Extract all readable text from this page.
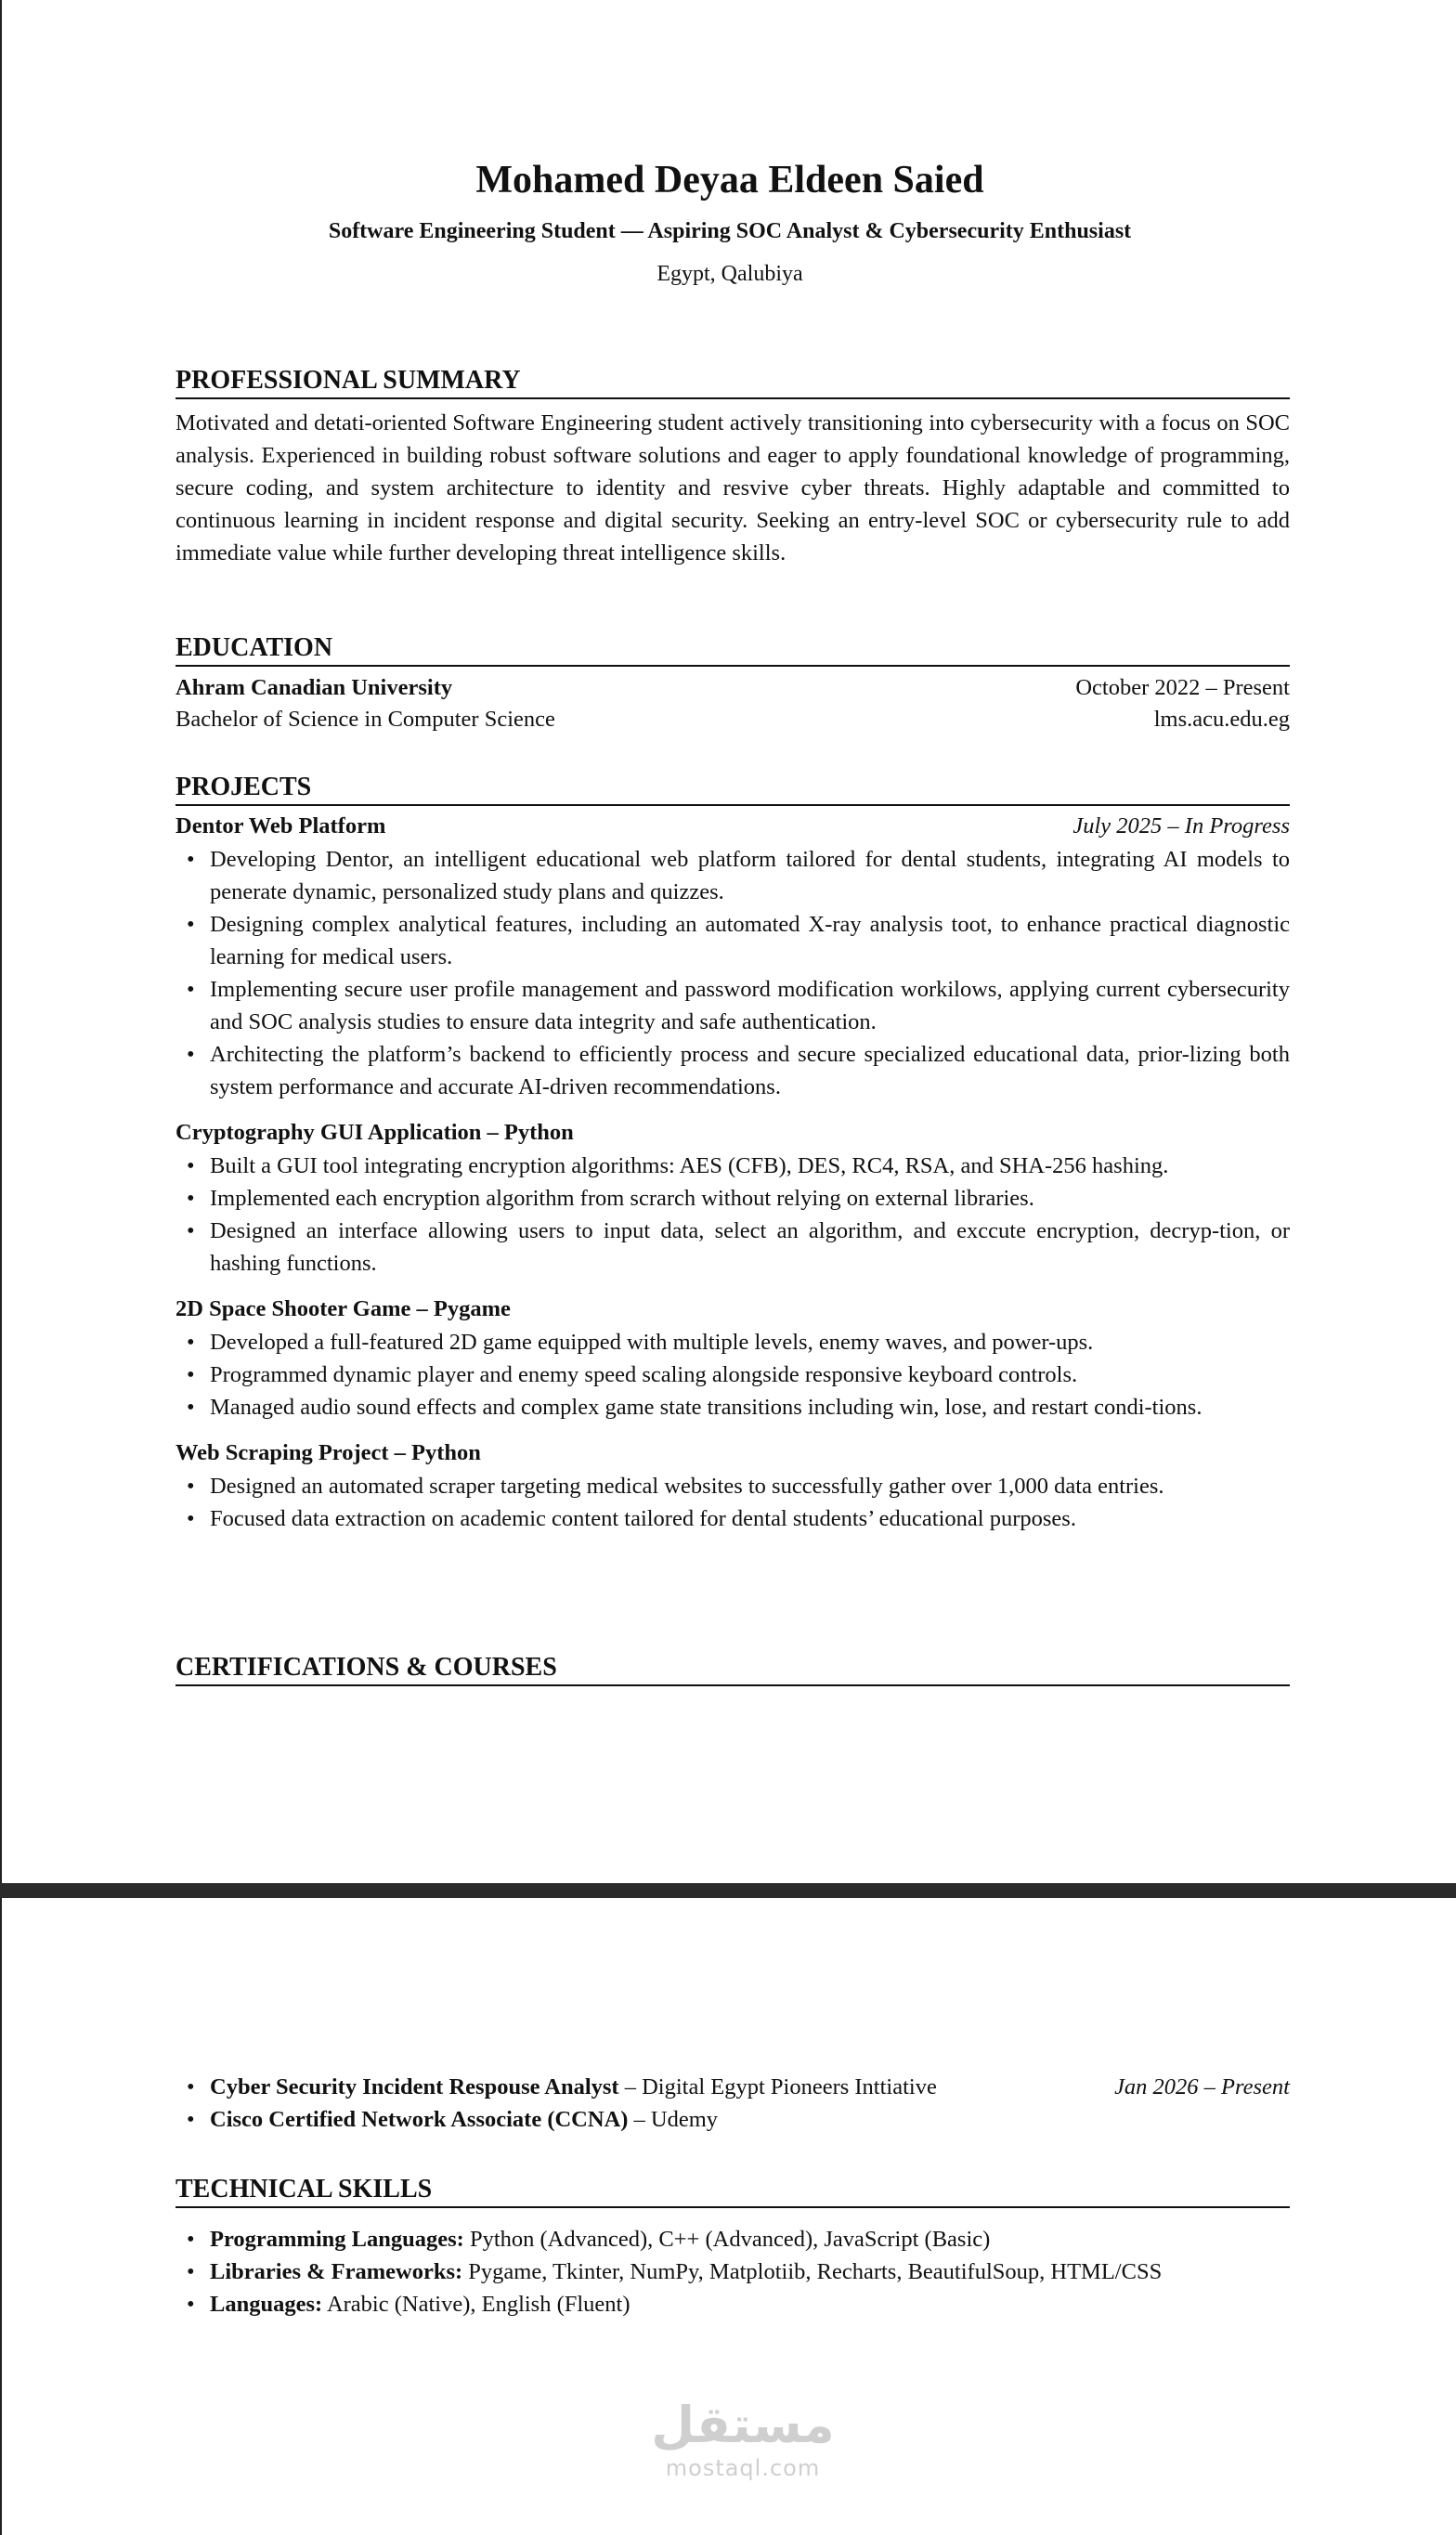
Mohamed Deyaa Eldeen Saied
Software Engineering Student — Aspiring SOC Analyst & Cybersecurity Enthusiast
Egypt, Qalubiya
PROFESSIONAL SUMMARY
Motivated and detati-oriented Software Engineering student actively transitioning into cybersecurity with a focus on SOC analysis. Experienced in building robust software solutions and eager to apply foundational knowledge of programming, secure coding, and system architecture to identity and resvive cyber threats. Highly adaptable and committed to continuous learning in incident response and digital security. Seeking an entry-level SOC or cybersecurity rule to add immediate value while further developing threat intelligence skills.
EDUCATION
Ahram Canadian University	October 2022 – Present
Bachelor of Science in Computer Science	lms.acu.edu.eg
PROJECTS
Dentor Web Platform	July 2025 – In Progress
• Developing Dentor, an intelligent educational web platform tailored for dental students, integrating AI models to penerate dynamic, personalized study plans and quizzes.
• Designing complex analytical features, including an automated X-ray analysis toot, to enhance practical diagnostic learning for medical users.
• Implementing secure user profile management and password modification workilows, applying current cybersecurity and SOC analysis studies to ensure data integrity and safe authentication.
• Architecting the platform’s backend to efficiently process and secure specialized educational data, prior-lizing both system performance and accurate AI-driven recommendations.
Cryptography GUI Application – Python
• Built a GUI tool integrating encryption algorithms: AES (CFB), DES, RC4, RSA, and SHA-256 hashing.
• Implemented each encryption algorithm from scrarch without relying on external libraries.
• Designed an interface allowing users to input data, select an algorithm, and exccute encryption, decryp-tion, or hashing functions.
2D Space Shooter Game – Pygame
• Developed a full-featured 2D game equipped with multiple levels, enemy waves, and power-ups.
• Programmed dynamic player and enemy speed scaling alongside responsive keyboard controls.
• Managed audio sound effects and complex game state transitions including win, lose, and restart condi-tions.
Web Scraping Project – Python
• Designed an automated scraper targeting medical websites to successfully gather over 1,000 data entries.
• Focused data extraction on academic content tailored for dental students’ educational purposes.
CERTIFICATIONS & COURSES
• Cyber Security Incident Respouse Analyst – Digital Egypt Pioneers Inttiative	Jan 2026 – Present
• Cisco Certified Network Associate (CCNA) – Udemy
TECHNICAL SKILLS
• Programming Languages: Python (Advanced), C++ (Advanced), JavaScript (Basic)
• Libraries & Frameworks: Pygame, Tkinter, NumPy, Matplotiib, Recharts, BeautifulSoup, HTML/CSS
• Languages: Arabic (Native), English (Fluent)
مستقل
mostaql.com
